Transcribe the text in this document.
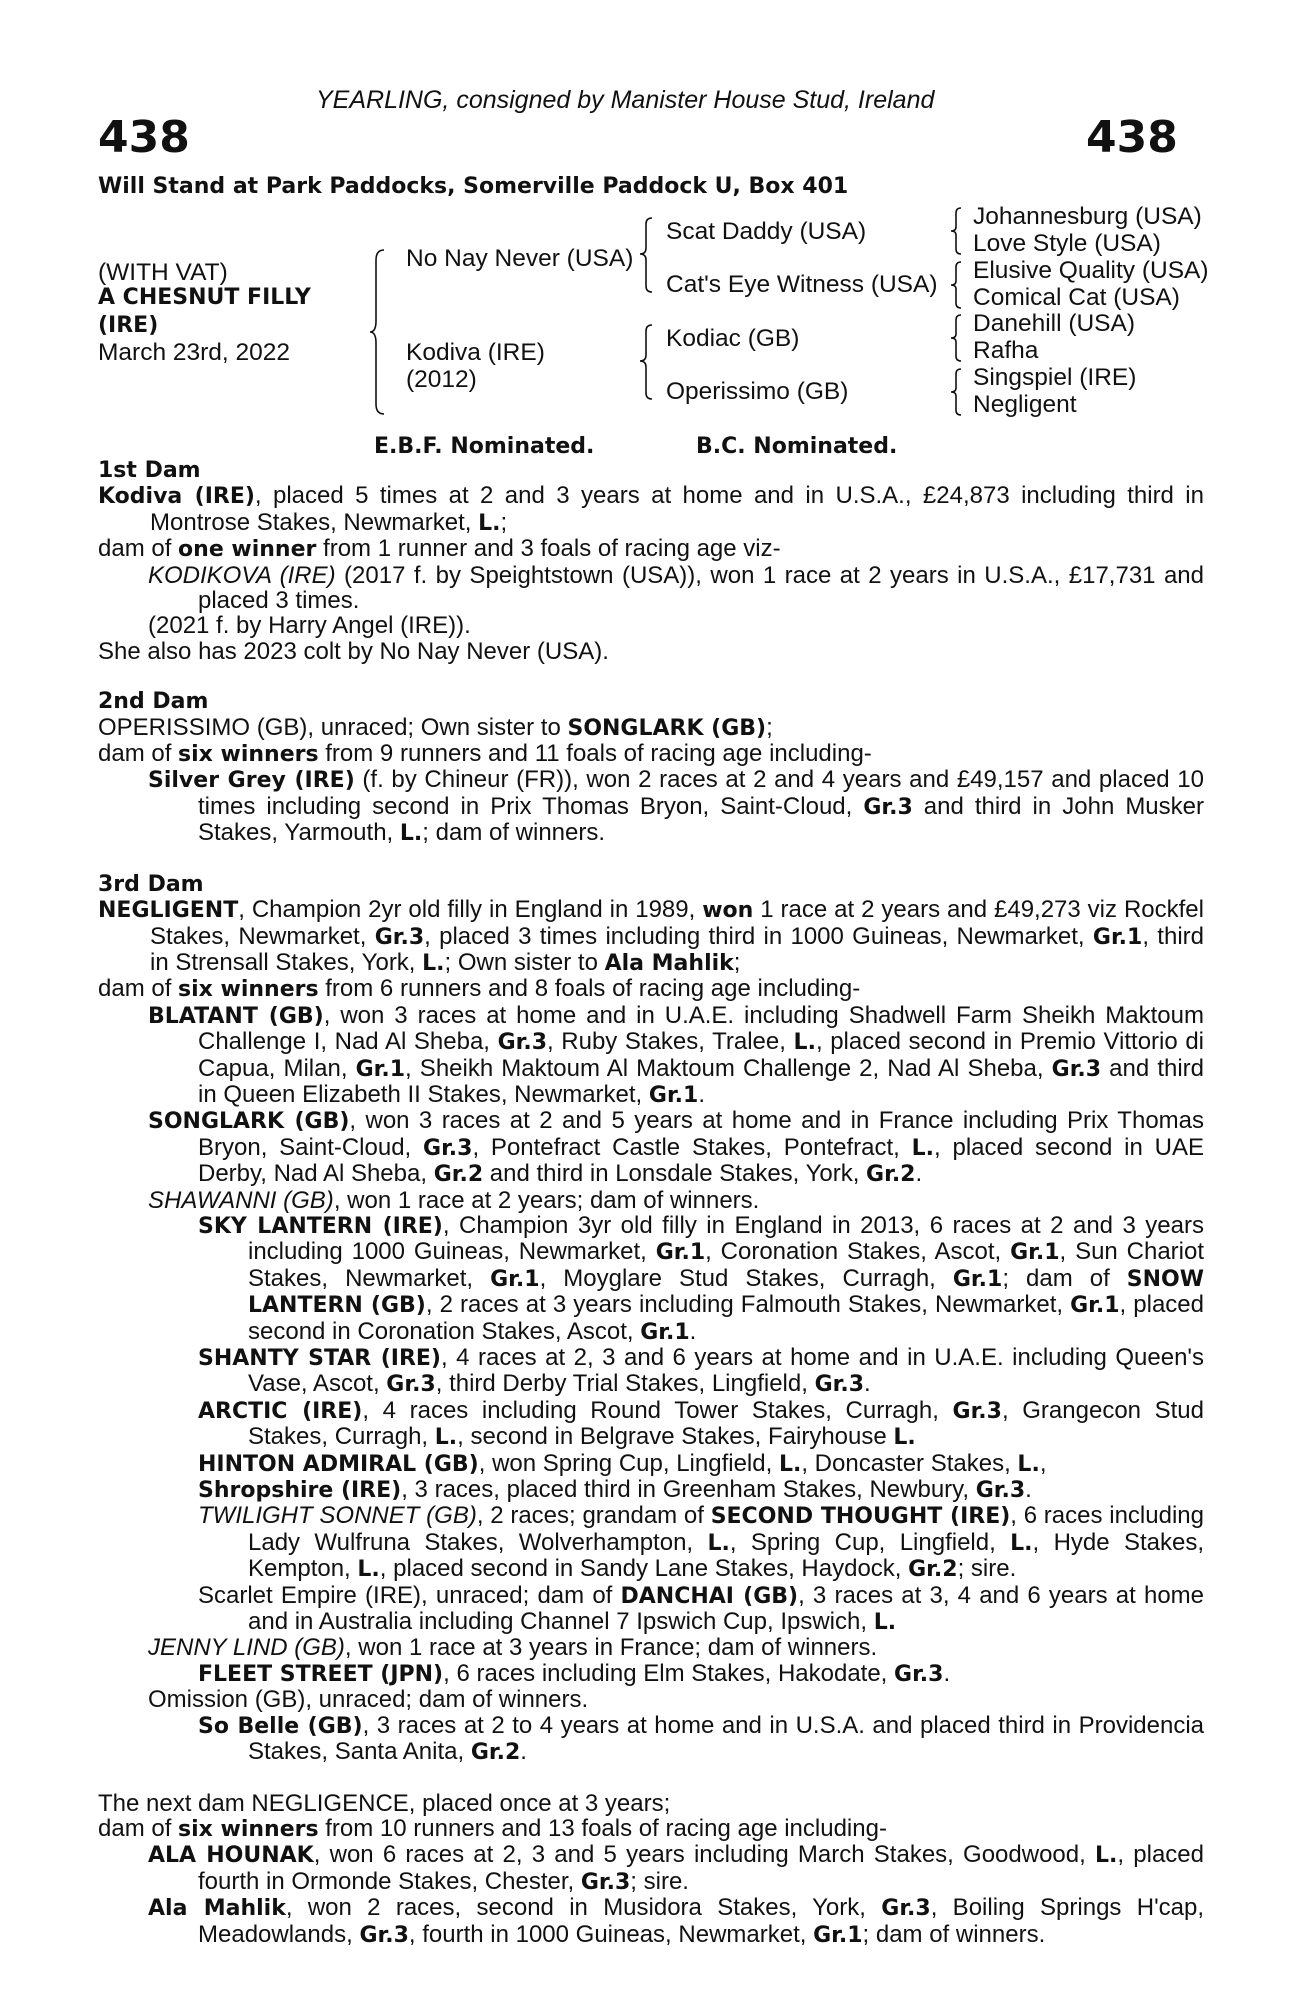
438	438
YEARLING, consigned by Manister House Stud, Ireland
Will Stand at Park Paddocks, Somerville Paddock U, Box 401
(WITH VAT)
A CHESNUT FILLY
(IRE)
March 23rd, 2022
No Nay Never (USA)
Kodiva (IRE)
(2012)
Scat Daddy (USA)
Cat's Eye Witness (USA)
Kodiac (GB)
Operissimo (GB)
Johannesburg (USA)
Love Style (USA)
Elusive Quality (USA)
Comical Cat (USA)
Danehill (USA)
Rafha
Singspiel (IRE)
Negligent
E.B.F. Nominated.	B.C. Nominated.
1st Dam
Kodiva (IRE), placed 5 times at 2 and 3 years at home and in U.S.A., £24,873 including third in Montrose Stakes, Newmarket, L.;
dam of one winner from 1 runner and 3 foals of racing age viz-
KODIKOVA (IRE) (2017 f. by Speightstown (USA)), won 1 race at 2 years in U.S.A., £17,731 and placed 3 times.
(2021 f. by Harry Angel (IRE)).
She also has 2023 colt by No Nay Never (USA).
2nd Dam
OPERISSIMO (GB), unraced; Own sister to SONGLARK (GB);
dam of six winners from 9 runners and 11 foals of racing age including-
Silver Grey (IRE) (f. by Chineur (FR)), won 2 races at 2 and 4 years and £49,157 and placed 10 times including second in Prix Thomas Bryon, Saint-Cloud, Gr.3 and third in John Musker Stakes, Yarmouth, L.; dam of winners.
3rd Dam
NEGLIGENT, Champion 2yr old filly in England in 1989, won 1 race at 2 years and £49,273 viz Rockfel Stakes, Newmarket, Gr.3, placed 3 times including third in 1000 Guineas, Newmarket, Gr.1, third in Strensall Stakes, York, L.; Own sister to Ala Mahlik;
dam of six winners from 6 runners and 8 foals of racing age including-
BLATANT (GB), won 3 races at home and in U.A.E. including Shadwell Farm Sheikh Maktoum Challenge I, Nad Al Sheba, Gr.3, Ruby Stakes, Tralee, L., placed second in Premio Vittorio di Capua, Milan, Gr.1, Sheikh Maktoum Al Maktoum Challenge 2, Nad Al Sheba, Gr.3 and third in Queen Elizabeth II Stakes, Newmarket, Gr.1.
SONGLARK (GB), won 3 races at 2 and 5 years at home and in France including Prix Thomas Bryon, Saint-Cloud, Gr.3, Pontefract Castle Stakes, Pontefract, L., placed second in UAE Derby, Nad Al Sheba, Gr.2 and third in Lonsdale Stakes, York, Gr.2.
SHAWANNI (GB), won 1 race at 2 years; dam of winners.
SKY LANTERN (IRE), Champion 3yr old filly in England in 2013, 6 races at 2 and 3 years including 1000 Guineas, Newmarket, Gr.1, Coronation Stakes, Ascot, Gr.1, Sun Chariot Stakes, Newmarket, Gr.1, Moyglare Stud Stakes, Curragh, Gr.1; dam of SNOW LANTERN (GB), 2 races at 3 years including Falmouth Stakes, Newmarket, Gr.1, placed second in Coronation Stakes, Ascot, Gr.1.
SHANTY STAR (IRE), 4 races at 2, 3 and 6 years at home and in U.A.E. including Queen's Vase, Ascot, Gr.3, third Derby Trial Stakes, Lingfield, Gr.3.
ARCTIC (IRE), 4 races including Round Tower Stakes, Curragh, Gr.3, Grangecon Stud Stakes, Curragh, L., second in Belgrave Stakes, Fairyhouse L.
HINTON ADMIRAL (GB), won Spring Cup, Lingfield, L., Doncaster Stakes, L.,
Shropshire (IRE), 3 races, placed third in Greenham Stakes, Newbury, Gr.3.
TWILIGHT SONNET (GB), 2 races; grandam of SECOND THOUGHT (IRE), 6 races including Lady Wulfruna Stakes, Wolverhampton, L., Spring Cup, Lingfield, L., Hyde Stakes, Kempton, L., placed second in Sandy Lane Stakes, Haydock, Gr.2; sire.
Scarlet Empire (IRE), unraced; dam of DANCHAI (GB), 3 races at 3, 4 and 6 years at home and in Australia including Channel 7 Ipswich Cup, Ipswich, L.
JENNY LIND (GB), won 1 race at 3 years in France; dam of winners.
FLEET STREET (JPN), 6 races including Elm Stakes, Hakodate, Gr.3.
Omission (GB), unraced; dam of winners.
So Belle (GB), 3 races at 2 to 4 years at home and in U.S.A. and placed third in Providencia Stakes, Santa Anita, Gr.2.
The next dam NEGLIGENCE, placed once at 3 years;
dam of six winners from 10 runners and 13 foals of racing age including-
ALA HOUNAK, won 6 races at 2, 3 and 5 years including March Stakes, Goodwood, L., placed fourth in Ormonde Stakes, Chester, Gr.3; sire.
Ala Mahlik, won 2 races, second in Musidora Stakes, York, Gr.3, Boiling Springs H'cap, Meadowlands, Gr.3, fourth in 1000 Guineas, Newmarket, Gr.1; dam of winners.
